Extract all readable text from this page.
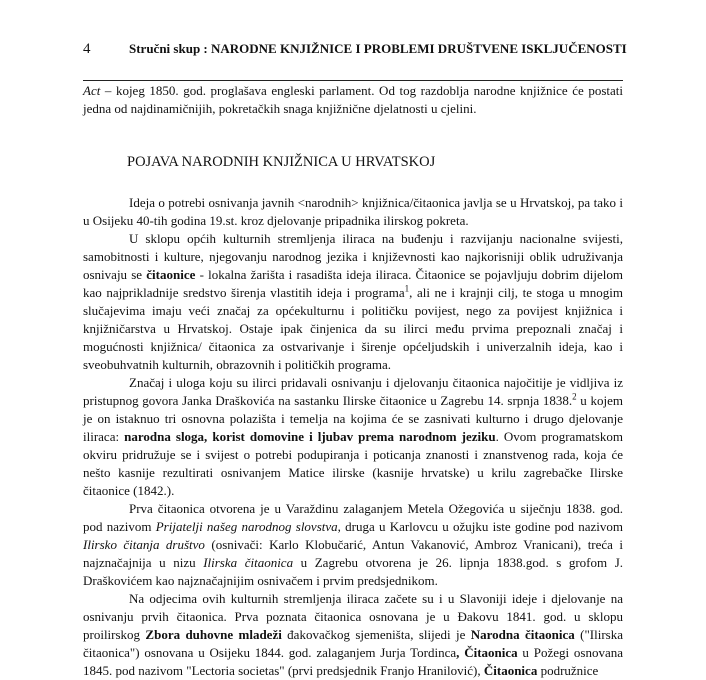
4	Stručni skup : NARODNE KNJIŽNICE I PROBLEMI DRUŠTVENE ISKLJUČENOSTI

Act – kojeg 1850. god. proglašava engleski parlament. Od tog razdoblja narodne knjižnice će postati jedna od najdinamičnijih, pokretačkih snaga knjižnične djelatnosti u cjelini.

POJAVA NARODNIH KNJIŽNICA U HRVATSKOJ

Ideja o potrebi osnivanja javnih <narodnih> knjižnica/čitaonica javlja se u Hrvatskoj, pa tako i u Osijeku 40-tih godina 19.st. kroz djelovanje pripadnika ilirskog pokreta.

U sklopu općih kulturnih stremljenja iliraca na buđenju i razvijanju nacionalne svijesti, samobitnosti i kulture, njegovanju narodnog jezika i književnosti kao najkorisniji oblik udruživanja osnivaju se čitaonice - lokalna žarišta i rasadišta ideja iliraca. Čitaonice se pojavljuju dobrim dijelom kao najprikladnije sredstvo širenja vlastitih ideja i programa$^1$, ali ne i krajnji cilj, te stoga u mnogim slučajevima imaju veći značaj za općekulturnu i političku povijest, nego za povijest knjižnica i knjižničarstva u Hrvatskoj. Ostaje ipak činjenica da su ilirci među prvima prepoznali značaj i mogućnosti knjižnica/ čitaonica za ostvarivanje i širenje općeljudskih i univerzalnih ideja, kao i sveobuhvatnih kulturnih, obrazovnih i političkih programa.

Značaj i uloga koju su ilirci pridavali osnivanju i djelovanju čitaonica najočitije je vidljiva iz pristupnog govora Janka Draškovića na sastanku Ilirske čitaonice u Zagrebu 14. srpnja 1838.$^2$ u kojem je on istaknuo tri osnovna polazišta i temelja na kojima će se zasnivati kulturno i drugo djelovanje iliraca: narodna sloga, korist domovine i ljubav prema narodnom jeziku. Ovom programatskom okviru pridružuje se i svijest o potrebi podupiranja i poticanja znanosti i znanstvenog rada, koja će nešto kasnije rezultirati osnivanjem Matice ilirske (kasnije hrvatske) u krilu zagrebačke Ilirske čitaonice (1842.).

Prva čitaonica otvorena je u Varaždinu zalaganjem Metela Ožegovića u siječnju 1838. god. pod nazivom Prijatelji našeg narodnog slovstva, druga u Karlovcu u ožujku iste godine pod nazivom Ilirsko čitanja društvo (osnivači: Karlo Klobučarić, Antun Vakanović, Ambroz Vranicani), treća i najznačajnija u nizu Ilirska čitaonica u Zagrebu otvorena je 26. lipnja 1838.god. s grofom J. Draškovićem kao najznačajnijim osnivačem i prvim predsjednikom.

Na odjecima ovih kulturnih stremljenja iliraca začete su i u Slavoniji ideje i djelovanje na osnivanju prvih čitaonica. Prva poznata čitaonica osnovana je u Đakovu 1841. god. u sklopu proilirskog Zbora duhovne mladeži đakovačkog sjemeništa, slijedi je Narodna čitaonica ("Ilirska čitaonica") osnovana u Osijeku 1844. god. zalaganjem Jurja Tordinca, Čitaonica u Požegi osnovana 1845. pod nazivom "Lectoria societas" (prvi predsjednik Franjo Hranilović), Čitaonica podružnice
